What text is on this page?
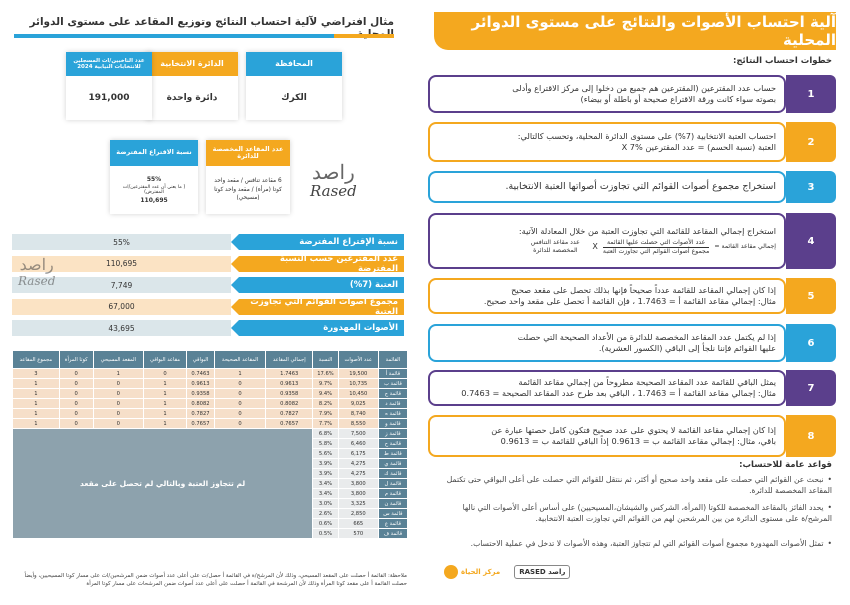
آلية احتساب الأصوات والنتائج على مستوى الدوائر المحلية
خطوات احتساب النتائج:
1
حساب عدد المقترعين (المقترعين هم جميع من دخلوا إلى مركز الاقتراع وأدلى
بصوته سواء كانت ورقة الاقتراع صحيحة أو باطلة أو بيضاء)
2
احتساب العتبة الانتخابية (7%) على مستوى الدائرة المحلية، وتحسب كالتالي:
العتبة (نسبة الحسم) = عدد المقترعين X 7%
3
استخراج مجموع أصوات القوائم التي تجاوزت أصواتها العتبة الانتخابية.
4
استخراج إجمالي المقاعد للقائمة التي تجاوزت العتبة من خلال المعادلة الآتية:
إجمالي مقاعد القائمة =
عدد الأصوات التي حصلت عليها القائمة
مجموع أصوات القوائم التي تجاوزت العتبة
X
عدد مقاعد التنافس المخصصة للدائرة
5
إذا كان إجمالي المقاعد للقائمة عدداً صحيحاً فإنها بذلك تحصل على مقعد صحيح
مثال: إجمالي مقاعد القائمة أ = 1.7463 ، فإن القائمة أ تحصل على مقعد واحد صحيح.
6
إذا لم يكتمل عدد المقاعد المخصصة للدائرة من الأعداد الصحيحة التي حصلت
عليها القوائم فإننا نلجأ إلى الباقي (الكسور العشرية).
7
يمثل الباقي للقائمة عدد المقاعد الصحيحة مطروحاً من إجمالي مقاعد القائمة
مثال: إجمالي مقاعد القائمة أ = 1.7463 ، الباقي بعد طرح عدد المقاعد الصحيحة = 0.7463
8
إذا كان إجمالي مقاعد القائمة لا يحتوي على عدد صحيح فتكون كامل حصتها عبارة عن
باقي، مثال: إجمالي مقاعد القائمة ب = 0.9613 إذاً الباقي للقائمة ب = 0.9613
قواعد عامة للاحتساب:
• نبحث عن القوائم التي حصلت على مقعد واحد صحيح أو أكثر، ثم ننتقل للقوائم التي حصلت على أعلى البواقي حتى تكتمل المقاعد المخصصة للدائرة.
• يحدد الفائز بالمقاعد المخصصة للكوتا (المرأة، الشركس والشيشان،المسيحيين) على أساس أعلى الأصوات التي نالها المرشح/ة على مستوى الدائرة من بين المرشحين لهم من القوائم التي تجاوزت العتبة الانتخابية.
• تمثل الأصوات المهدورة مجموع أصوات القوائم التي لم تتجاوز العتبة، وهذه الأصوات لا تدخل في عملية الاحتساب.
مركز الحياة	RASED راصد
مثال افتراضي لآلية احتساب النتائج وتوزيع المقاعد على مستوى الدوائر
المحافظة
الكرك
الدائرة الانتخابية
دائرة واحدة
عدد الناخبين/ات المسجلين للانتخابات النيابية 2024
191,000
عدد المقاعد المخصصة للدائرة
6 مقاعد تنافس / مقعد واحد كوتا (مرأة) / مقعد واحد كوتا (مسيحي)
نسبة الاقتراع المفترضة
55%
( ما يعني أن عدد المقترعين/ات المفترض)
110,695
راصد
Rased
نسبة الإقتراع المفترضة
55%
عدد المقترعين حسب النسبة المفترضة
110,695
العتبة (7%)
7,749
مجموع أصوات القوائم التي تجاوزت العتبة
67,000
الأصوات المهدورة
43,695
راصد
Rased
القائمة	عدد الأصوات	النسبة	إجمالي المقاعد	المقاعد الصحيحة	البواقي	مقاعد البواقي	المقعد المسيحي	كوتا المرأة	مجموع المقاعد
قائمة أ	19,500	17.6%	1.7463	1	0.7463	0	1	0	3
قائمة ب	10,735	9.7%	0.9613	0	0.9613	1	0	0	1
قائمة ج	10,450	9.4%	0.9358	0	0.9358	1	0	0	1
قائمة د	9,025	8.2%	0.8082	0	0.8082	1	0	0	1
قائمة ه	8,740	7.9%	0.7827	0	0.7827	1	0	0	1
قائمة و	8,550	7.7%	0.7657	0	0.7657	1	0	0	1
قائمة ز	7,500	6.8%	لم تتجاوز العتبة وبالتالي لم تحصل على مقعد						
قائمة ح	6,460	5.8%							
قائمة ط	6,175	5.6%							
قائمة ي	4,275	3.9%							
قائمة ك	4,275	3.9%							
قائمة ل	3,800	3.4%							
قائمة م	3,800	3.4%							
قائمة ن	3,325	3.0%							
قائمة س	2,850	2.6%							
قائمة ع	665	0.6%							
قائمة ف	570	0.5%							
ملاحظة: القائمة أ حصلت على المقعد المسيحي، وذلك لأن المرشح/ة في القائمة أ حصل/ت على أعلى عدد أصوات ضمن المرشحين/ات على مسار كوتا المسيحيين، وأيضاً حصلت القائمة أ على مقعد كوتا المرأة وذلك لأن المرشحة في القائمة أ حصلت على أعلى عدد أصوات ضمن المرشحات على مسار كوتا المرأة
